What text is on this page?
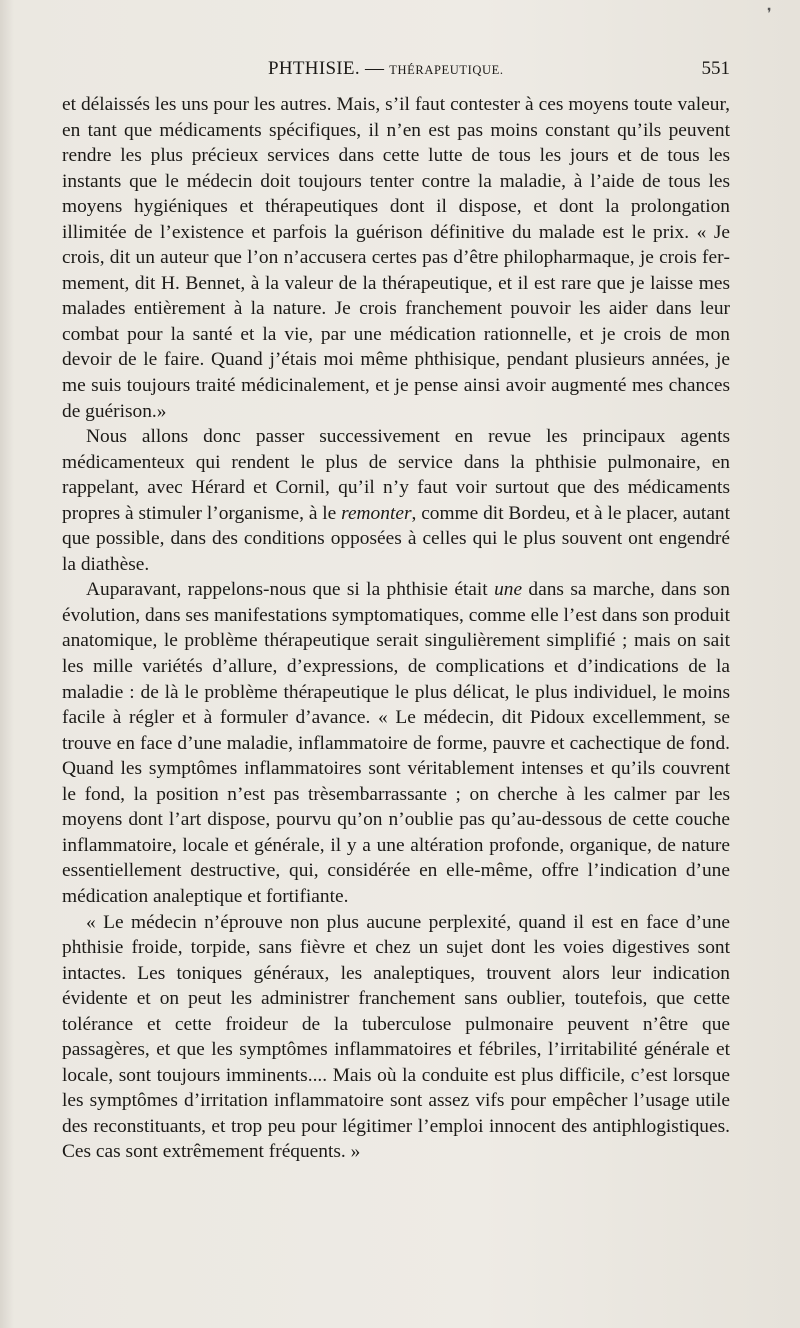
❜
PHTHISIE. — THÉRAPEUTIQUE.	551

et délaissés les uns pour les autres. Mais, s’il faut contester à ces moyens toute valeur, en tant que médicaments spécifiques, il n’en est pas moins constant qu’ils peuvent rendre les plus précieux services dans cette lutte de tous les jours et de tous les instants que le médecin doit toujours tenter contre la maladie, à l’aide de tous les moyens hygiéniques et thérapeutiques dont il dispose, et dont la prolongation illimitée de l’existence et parfois la guérison définitive du malade est le prix. « Je crois, dit un auteur que l’on n’accusera certes pas d’être philopharmaque, je crois fermement, dit H. Bennet, à la valeur de la thérapeutique, et il est rare que je laisse mes malades entièrement à la nature. Je crois franchement pouvoir les aider dans leur combat pour la santé et la vie, par une médication rationnelle, et je crois de mon devoir de le faire. Quand j’étais moi même phthisique, pendant plusieurs années, je me suis toujours traité médicinalement, et je pense ainsi avoir augmenté mes chances de guérison.»

Nous allons donc passer successivement en revue les principaux agents médicamenteux qui rendent le plus de service dans la phthisie pulmonaire, en rappelant, avec Hérard et Cornil, qu’il n’y faut voir surtout que des médicaments propres à stimuler l’organisme, à le remonter, comme dit Bordeu, et à le placer, autant que possible, dans des conditions opposées à celles qui le plus souvent ont engendré la diathèse.

Auparavant, rappelons-nous que si la phthisie était une dans sa marche, dans son évolution, dans ses manifestations symptomatiques, comme elle l’est dans son produit anatomique, le problème thérapeutique serait singulièrement simplifié ; mais on sait les mille variétés d’allure, d’expressions, de complications et d’indications de la maladie : de là le problème thérapeutique le plus délicat, le plus individuel, le moins facile à régler et à formuler d’avance. « Le médecin, dit Pidoux excellemment, se trouve en face d’une maladie, inflammatoire de forme, pauvre et cachectique de fond. Quand les symptômes inflammatoires sont véritablement intenses et qu’ils couvrent le fond, la position n’est pas trèsembarrassante ; on cherche à les calmer par les moyens dont l’art dispose, pourvu qu’on n’oublie pas qu’au-dessous de cette couche inflammatoire, locale et générale, il y a une altération profonde, organique, de nature essentiellement destructive, qui, considérée en elle-même, offre l’indication d’une médication analeptique et fortifiante.

« Le médecin n’éprouve non plus aucune perplexité, quand il est en face d’une phthisie froide, torpide, sans fièvre et chez un sujet dont les voies digestives sont intactes. Les toniques généraux, les analeptiques, trouvent alors leur indication évidente et on peut les administrer franchement sans oublier, toutefois, que cette tolérance et cette froideur de la tuberculose pulmonaire peuvent n’être que passagères, et que les symptômes inflammatoires et fébriles, l’irritabilité générale et locale, sont toujours imminents.... Mais où la conduite est plus difficile, c’est lorsque les symptômes d’irritation inflammatoire sont assez vifs pour empêcher l’usage utile des reconstituants, et trop peu pour légitimer l’emploi innocent des antiphlogistiques. Ces cas sont extrêmement fréquents. »
